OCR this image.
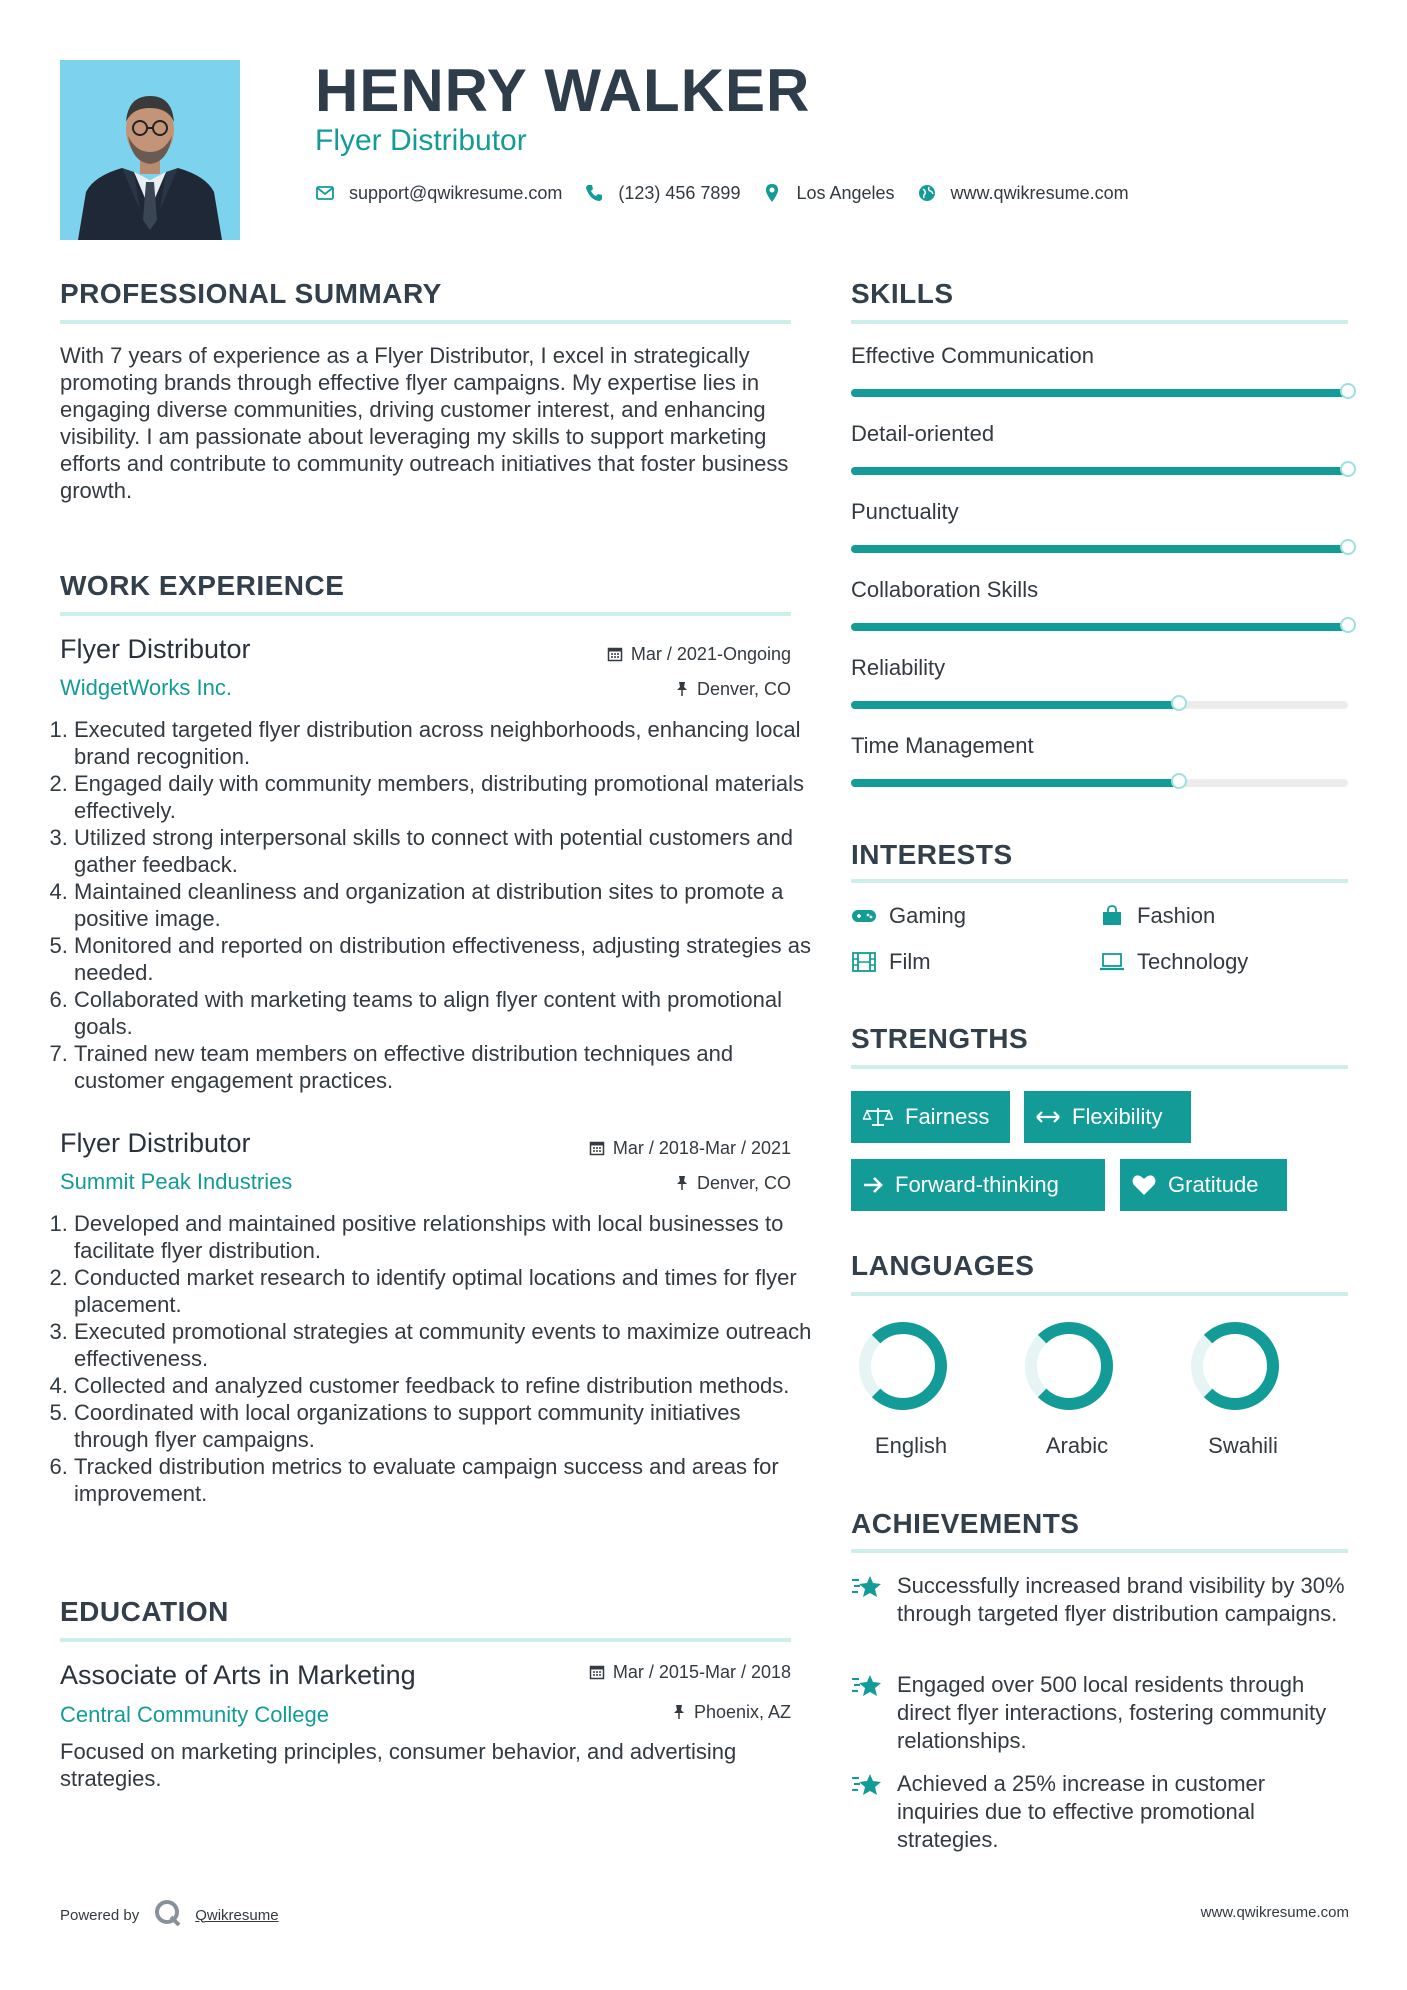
HENRY WALKER
Flyer Distributor
support@qwikresume.com	(123) 456 7899	Los Angeles	www.qwikresume.com
PROFESSIONAL SUMMARY
With 7 years of experience as a Flyer Distributor, I excel in strategically promoting brands through effective flyer campaigns. My expertise lies in engaging diverse communities, driving customer interest, and enhancing visibility. I am passionate about leveraging my skills to support marketing efforts and contribute to community outreach initiatives that foster business growth.
WORK EXPERIENCE
Flyer Distributor	Mar / 2021-Ongoing
WidgetWorks Inc.	Denver, CO
1. Executed targeted flyer distribution across neighborhoods, enhancing local brand recognition.
2. Engaged daily with community members, distributing promotional materials effectively.
3. Utilized strong interpersonal skills to connect with potential customers and gather feedback.
4. Maintained cleanliness and organization at distribution sites to promote a positive image.
5. Monitored and reported on distribution effectiveness, adjusting strategies as needed.
6. Collaborated with marketing teams to align flyer content with promotional goals.
7. Trained new team members on effective distribution techniques and customer engagement practices.
Flyer Distributor	Mar / 2018-Mar / 2021
Summit Peak Industries	Denver, CO
1. Developed and maintained positive relationships with local businesses to facilitate flyer distribution.
2. Conducted market research to identify optimal locations and times for flyer placement.
3. Executed promotional strategies at community events to maximize outreach effectiveness.
4. Collected and analyzed customer feedback to refine distribution methods.
5. Coordinated with local organizations to support community initiatives through flyer campaigns.
6. Tracked distribution metrics to evaluate campaign success and areas for improvement.
EDUCATION
Associate of Arts in Marketing	Mar / 2015-Mar / 2018
Central Community College	Phoenix, AZ
Focused on marketing principles, consumer behavior, and advertising strategies.
SKILLS
Effective Communication
Detail-oriented
Punctuality
Collaboration Skills
Reliability
Time Management
INTERESTS
Gaming	Fashion
Film	Technology
STRENGTHS
Fairness	Flexibility
Forward-thinking	Gratitude
LANGUAGES
English	Arabic	Swahili
ACHIEVEMENTS
Successfully increased brand visibility by 30% through targeted flyer distribution campaigns.
Engaged over 500 local residents through direct flyer interactions, fostering community relationships.
Achieved a 25% increase in customer inquiries due to effective promotional strategies.
Powered by	Qwikresume	www.qwikresume.com
